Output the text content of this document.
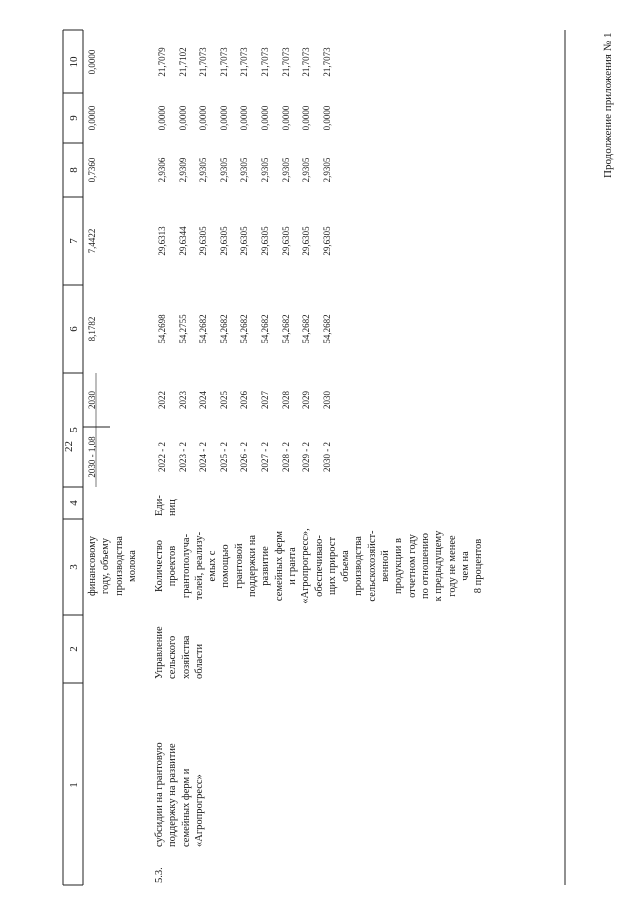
22
Продолжение приложения № 1
1
2
3
4
5
6
7
8
9
10
финансовому году, объему производства молока
2030 - 1,08
2030
8,1782
7,4422
0,7360
0,0000
0,0000
5.3.
субсидии на грантовую поддержку на развитие семейных ферм и «Агропрогресс»
Управление сельского хозяйства области
Количество проектов грантополуча- телей, реализу- емых с помощью грантовой поддержки на развитие семейных ферм и гранта «Агропрогресс», обеспечиваю- щих прирост объема производства сельскохозяйст- венной продукции в отчетном году по отношению к предыдущему году не менее чем на 8 процентов
Еди- ниц
2022 - 2
2022
54,2698
29,6313
2,9306
0,0000
21,7079
2023 - 2
2023
54,2755
29,6344
2,9309
0,0000
21,7102
2024 - 2
2024
54,2682
29,6305
2,9305
0,0000
21,7073
2025 - 2
2025
54,2682
29,6305
2,9305
0,0000
21,7073
2026 - 2
2026
54,2682
29,6305
2,9305
0,0000
21,7073
2027 - 2
2027
54,2682
29,6305
2,9305
0,0000
21,7073
2028 - 2
2028
54,2682
29,6305
2,9305
0,0000
21,7073
2029 - 2
2029
54,2682
29,6305
2,9305
0,0000
21,7073
2030 - 2
2030
54,2682
29,6305
2,9305
0,0000
21,7073
